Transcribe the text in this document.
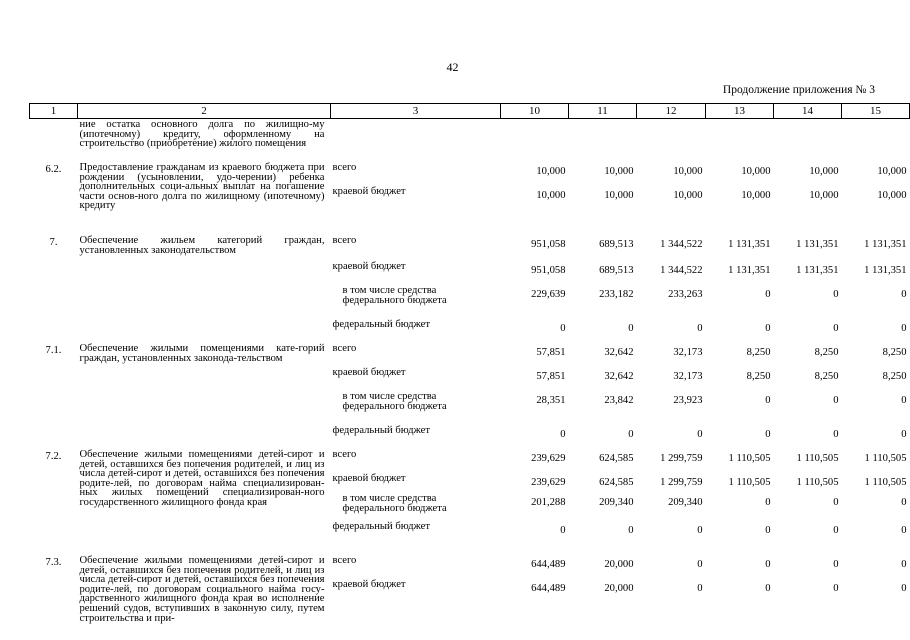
42
Продолжение приложения № 3
1	2	3	10	11	12	13	14	15
	ние остатка основного долга по жилищно-му (ипотечному) кредиту, оформленному на строительство (приобретение) жилого помещения							
6.2.	Предоставление гражданам из краевого бюджета при рождении (усыновлении, удо-черении) ребенка дополнительных соци-альных выплат на погашение части основ-ного долга по жилищному (ипотечному) кредиту	всего	10,000	10,000	10,000	10,000	10,000	10,000
		краевой бюджет	10,000	10,000	10,000	10,000	10,000	10,000
7.	Обеспечение жильем категорий граждан, установленных законодательством	всего	951,058	689,513	1 344,522	1 131,351	1 131,351	1 131,351
		краевой бюджет	951,058	689,513	1 344,522	1 131,351	1 131,351	1 131,351
		в том числе средства федерального бюджета	229,639	233,182	233,263	0	0	0
		федеральный бюджет	0	0	0	0	0	0
7.1.	Обеспечение жилыми помещениями кате-горий граждан, установленных законода-тельством	всего	57,851	32,642	32,173	8,250	8,250	8,250
		краевой бюджет	57,851	32,642	32,173	8,250	8,250	8,250
		в том числе средства федерального бюджета	28,351	23,842	23,923	0	0	0
		федеральный бюджет	0	0	0	0	0	0
7.2.	Обеспечение жилыми помещениями детей-сирот и детей, оставшихся без попечения родителей, и лиц из числа детей-сирот и детей, оставшихся без попечения родите-лей, по договорам найма специализирован-ных жилых помещений специализирован-ного государственного жилищного фонда края	всего	239,629	624,585	1 299,759	1 110,505	1 110,505	1 110,505
		краевой бюджет	239,629	624,585	1 299,759	1 110,505	1 110,505	1 110,505
		в том числе средства федерального бюджета	201,288	209,340	209,340	0	0	0
		федеральный бюджет	0	0	0	0	0	0
7.3.	Обеспечение жилыми помещениями детей-сирот и детей, оставшихся без попечения родителей, и лиц из числа детей-сирот и детей, оставшихся без попечения родите-лей, по договорам социального найма госу-дарственного жилищного фонда края во исполнение решений судов, вступивших в законную силу, путем строительства и при-	всего	644,489	20,000	0	0	0	0
		краевой бюджет	644,489	20,000	0	0	0	0
